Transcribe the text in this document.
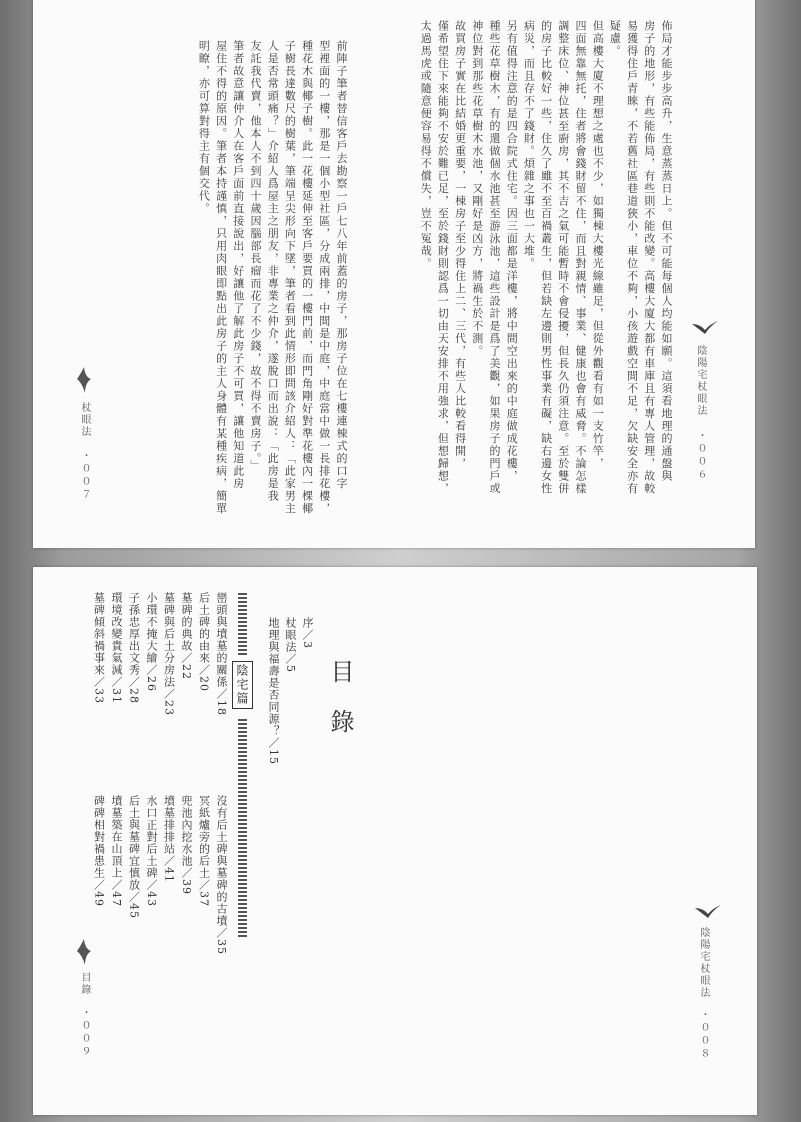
陰陽宅杖眼法
・００６
佈局才能步步高升，生意蒸蒸日上。但不可能每個人均能如願。這須看地理的通盤與
房子的地形，有些能佈局，有些則不能改變。高樓大廈大都有車庫且有專人管理，故較
易獲得住戶青睞，不若舊社區巷道狹小，車位不夠，小孩遊戲空間不足，欠缺安全亦有
疑慮。
但高樓大廈不理想之處也不少，如獨棟大樓光線雖足，但從外觀看有如一支竹竿，
四面無靠無托，住者將會錢財留不住，而且對親情、事業、健康也會有威脅。不論怎樣
調整床位、神位甚至廚房，其不吉之氣可能暫時不會侵擾，但長久仍須注意。至於雙併
的房子比較好一些，住久了雖不至百禍叢生，但若缺左邊則男性事業有礙，缺右邊女性
病災，而且存不了錢財。煩雜之事也一大堆。
另有值得注意的是四合院式住宅。因三面都是洋樓，將中間空出來的中庭做成花樓，
種些花草樹木，有的還做個水池甚至游泳池，這些設計是爲了美觀，如果房子的門戶或
神位對到那些花草樹木水池，又剛好是凶方，將禍生於不測。
故買房子實在比結婚更重要，一棟房子至少得住上二、三代，有些人比較看得開，
僅希望住下來能夠不安於難已足，至於錢財則認爲一切由天安排不用強求，但想歸想，
太過馬虎或隨意便容易得不償失，豈不冤哉。
前陣子筆者替信客戶去勘察一戶七八年前蓋的房子，那房子位在七樓連棟式的口字
型裡面的一樓，那是一個小型社區，分成兩排，中間是中庭，中庭當中做一長排花樓，
種花木與椰子樹。此一花樓延伸至客戶要買的一樓門前，而門角剛好對準花樓內一棵椰
子樹長達數尺的樹葉，筆端呈尖形向下墜，筆者看到此情形即問該介紹人：「此家男主
人是否常頭痛？」介紹人爲屋主之朋友，非專業之仲介，遂脫口而出說：「此房是我
友託我代賣，他本人不到四十歲因腦部長瘤而花了不少錢，故不得不賣房子。」
筆者故意讓仲介人在客戶面前直接說出，好讓他了解此房子不可買，讓他知道此房
屋住不得的原因。筆者本持謹慎，只用肉眼即點出此房子的主人身體有某種疾病，簡單
明瞭，亦可算對得主有個交代。
杖眼法
・００７
陰陽宅杖眼法
・００８
目錄
序／3
杖眼法／5
地理與福壽是否同源？／15
陰宅篇
巒頭與墳墓的關係／18
后土碑的由來／20
墓碑的典故／22
墓碑與后土分房法／23
小環不掩大繪／26
子孫忠厚出文秀／28
環境改變貴氣減／31
墓碑傾斜禍事來／33
沒有后土碑與墓碑的古墳／35
冥紙爐旁的后土／37
兜池內挖水池／39
墳墓排排站／41
水口正對后土碑／43
后土與墓碑宜慎放／45
墳墓築在山頂上／47
碑碑相對禍患生／49
目錄
・００９
